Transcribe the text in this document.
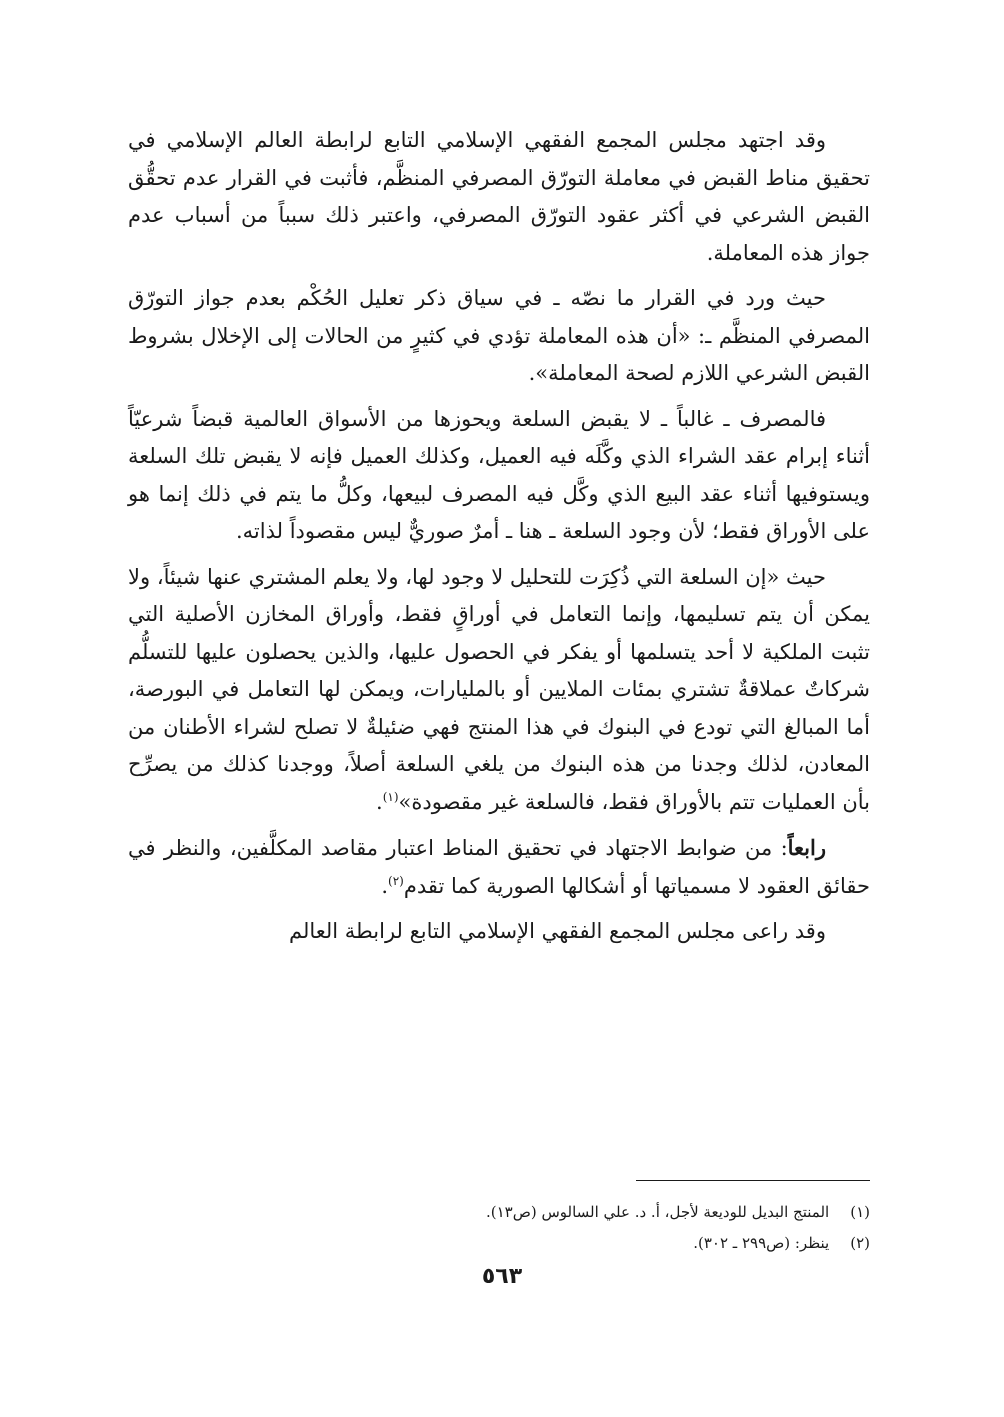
وقد اجتهد مجلس المجمع الفقهي الإسلامي التابع لرابطة العالم الإسلامي في تحقيق مناط القبض في معاملة التورّق المصرفي المنظَّم، فأثبت في القرار عدم تحقُّق القبض الشرعي في أكثر عقود التورّق المصرفي، واعتبر ذلك سبباً من أسباب عدم جواز هذه المعاملة.

حيث ورد في القرار ما نصّه ـ في سياق ذكر تعليل الحُكْم بعدم جواز التورّق المصرفي المنظَّم ـ: «أن هذه المعاملة تؤدي في كثيرٍ من الحالات إلى الإخلال بشروط القبض الشرعي اللازم لصحة المعاملة».

فالمصرف ـ غالباً ـ لا يقبض السلعة ويحوزها من الأسواق العالمية قبضاً شرعيّاً أثناء إبرام عقد الشراء الذي وكَّلَه فيه العميل، وكذلك العميل فإنه لا يقبض تلك السلعة ويستوفيها أثناء عقد البيع الذي وكَّل فيه المصرف لبيعها، وكلُّ ما يتم في ذلك إنما هو على الأوراق فقط؛ لأن وجود السلعة ـ هنا ـ أمرٌ صوريٌّ ليس مقصوداً لذاته.

حيث «إن السلعة التي ذُكِرَت للتحليل لا وجود لها، ولا يعلم المشتري عنها شيئاً، ولا يمكن أن يتم تسليمها، وإنما التعامل في أوراقٍ فقط، وأوراق المخازن الأصلية التي تثبت الملكية لا أحد يتسلمها أو يفكر في الحصول عليها، والذين يحصلون عليها للتسلُّم شركاتٌ عملاقةٌ تشتري بمئات الملايين أو بالمليارات، ويمكن لها التعامل في البورصة، أما المبالغ التي تودع في البنوك في هذا المنتج فهي ضئيلةٌ لا تصلح لشراء الأطنان من المعادن، لذلك وجدنا من هذه البنوك من يلغي السلعة أصلاً، ووجدنا كذلك من يصرِّح بأن العمليات تتم بالأوراق فقط، فالسلعة غير مقصودة»$^{(١)}$.

رابعاً: من ضوابط الاجتهاد في تحقيق المناط اعتبار مقاصد المكلَّفين، والنظر في حقائق العقود لا مسمياتها أو أشكالها الصورية كما تقدم$^{(٢)}$.

وقد راعى مجلس المجمع الفقهي الإسلامي التابع لرابطة العالم

(١) المنتج البديل للوديعة لأجل، أ. د. علي السالوس (ص١٣).

(٢) ينظر: (ص٢٩٩ ـ ٣٠٢).

٥٦٣
